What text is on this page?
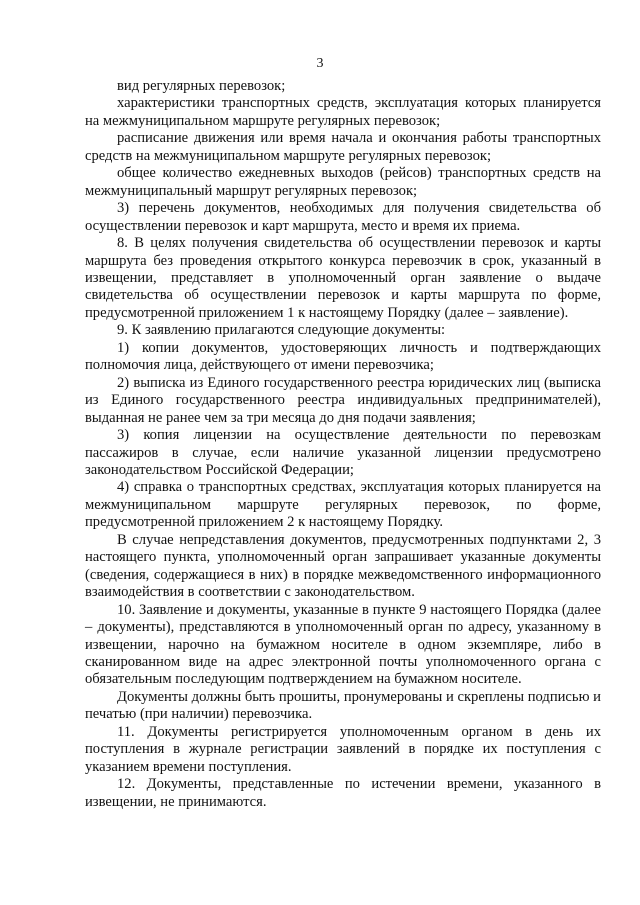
3

вид регулярных перевозок;

характеристики транспортных средств, эксплуатация которых планируется на межмуниципальном маршруте регулярных перевозок;

расписание движения или время начала и окончания работы транспортных средств на межмуниципальном маршруте регулярных перевозок;

общее количество ежедневных выходов (рейсов) транспортных средств на межмуниципальный маршрут регулярных перевозок;

3) перечень документов, необходимых для получения свидетельства об осуществлении перевозок и карт маршрута, место и время их приема.

8. В целях получения свидетельства об осуществлении перевозок и карты маршрута без проведения открытого конкурса перевозчик в срок, указанный в извещении, представляет в уполномоченный орган заявление о выдаче свидетельства об осуществлении перевозок и карты маршрута по форме, предусмотренной приложением 1 к настоящему Порядку (далее – заявление).

9. К заявлению прилагаются следующие документы:

1) копии документов, удостоверяющих личность и подтверждающих полномочия лица, действующего от имени перевозчика;

2) выписка из Единого государственного реестра юридических лиц (выписка из Единого государственного реестра индивидуальных предпринимателей), выданная не ранее чем за три месяца до дня подачи заявления;

3) копия лицензии на осуществление деятельности по перевозкам пассажиров в случае, если наличие указанной лицензии предусмотрено законодательством Российской Федерации;

4) справка о транспортных средствах, эксплуатация которых планируется на межмуниципальном маршруте регулярных перевозок, по форме, предусмотренной приложением 2 к настоящему Порядку.

В случае непредставления документов, предусмотренных подпунктами 2, 3 настоящего пункта, уполномоченный орган запрашивает указанные документы (сведения, содержащиеся в них) в порядке межведомственного информационного взаимодействия в соответствии с законодательством.

10. Заявление и документы, указанные в пункте 9 настоящего Порядка (далее – документы), представляются в уполномоченный орган по адресу, указанному в извещении, нарочно на бумажном носителе в одном экземпляре, либо в сканированном виде на адрес электронной почты уполномоченного органа с обязательным последующим подтверждением на бумажном носителе.

Документы должны быть прошиты, пронумерованы и скреплены подписью и печатью (при наличии) перевозчика.

11. Документы регистрируется уполномоченным органом в день их поступления в журнале регистрации заявлений в порядке их поступления с указанием времени поступления.

12. Документы, представленные по истечении времени, указанного в извещении, не принимаются.
